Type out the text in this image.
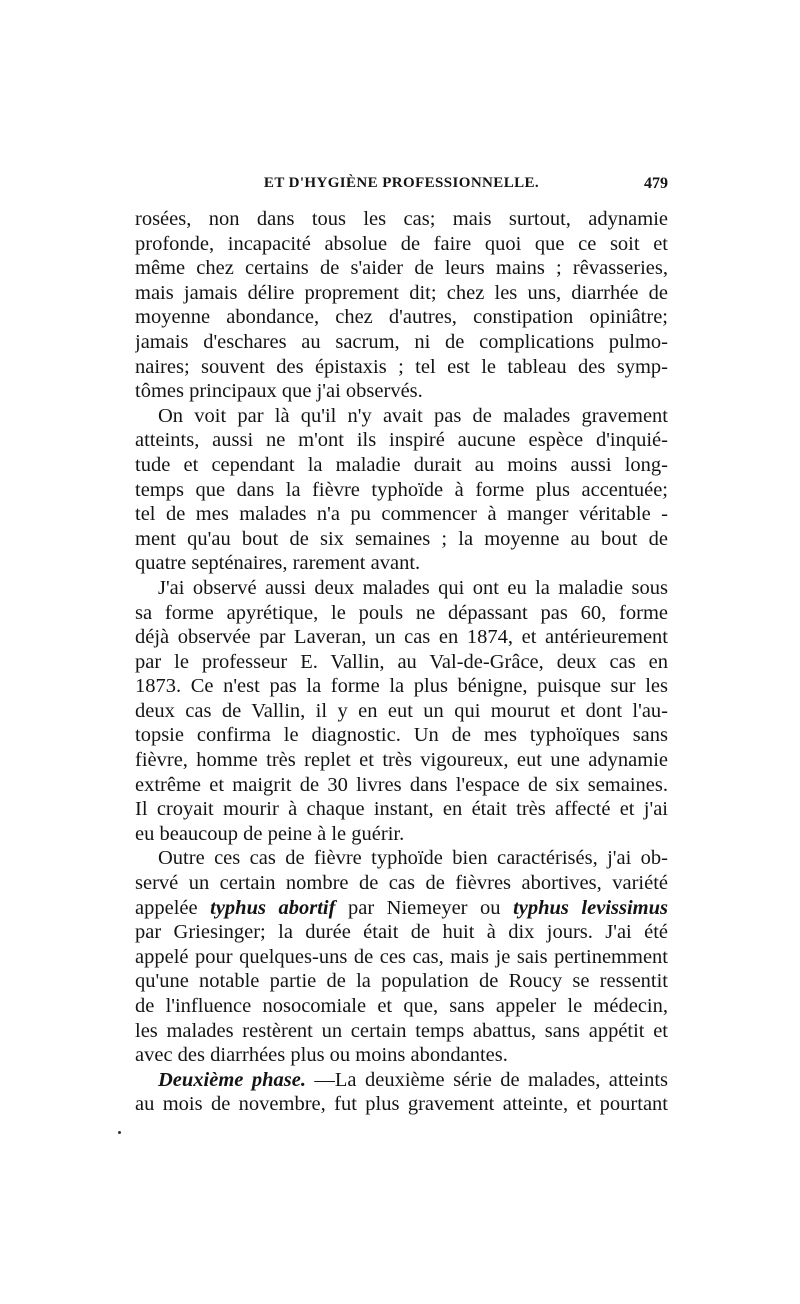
ET D'HYGIÈNE PROFESSIONNELLE.	479
rosées, non dans tous les cas; mais surtout, adynamie
profonde, incapacité absolue de faire quoi que ce soit et
même chez certains de s'aider de leurs mains ; rêvasseries,
mais jamais délire proprement dit; chez les uns, diarrhée de
moyenne abondance, chez d'autres, constipation opiniâtre;
jamais d'eschares au sacrum, ni de complications pulmo-
naires; souvent des épistaxis ; tel est le tableau des symp-
tômes principaux que j'ai observés.
On voit par là qu'il n'y avait pas de malades gravement
atteints, aussi ne m'ont ils inspiré aucune espèce d'inquié-
tude et cependant la maladie durait au moins aussi long-
temps que dans la fièvre typhoïde à forme plus accentuée;
tel de mes malades n'a pu commencer à manger véritable -
ment qu'au bout de six semaines ; la moyenne au bout de
quatre septénaires, rarement avant.
J'ai observé aussi deux malades qui ont eu la maladie sous
sa forme apyrétique, le pouls ne dépassant pas 60, forme
déjà observée par Laveran, un cas en 1874, et antérieurement
par le professeur E. Vallin, au Val-de-Grâce, deux cas en
1873. Ce n'est pas la forme la plus bénigne, puisque sur les
deux cas de Vallin, il y en eut un qui mourut et dont l'au-
topsie confirma le diagnostic. Un de mes typhoïques sans
fièvre, homme très replet et très vigoureux, eut une adynamie
extrême et maigrit de 30 livres dans l'espace de six semaines.
Il croyait mourir à chaque instant, en était très affecté et j'ai
eu beaucoup de peine à le guérir.
Outre ces cas de fièvre typhoïde bien caractérisés, j'ai ob-
servé un certain nombre de cas de fièvres abortives, variété
appelée typhus abortif par Niemeyer ou typhus levissimus
par Griesinger; la durée était de huit à dix jours. J'ai été
appelé pour quelques-uns de ces cas, mais je sais pertinemment
qu'une notable partie de la population de Roucy se ressentit
de l'influence nosocomiale et que, sans appeler le médecin,
les malades restèrent un certain temps abattus, sans appétit et
avec des diarrhées plus ou moins abondantes.
Deuxième phase. —La deuxième série de malades, atteints
au mois de novembre, fut plus gravement atteinte, et pourtant
